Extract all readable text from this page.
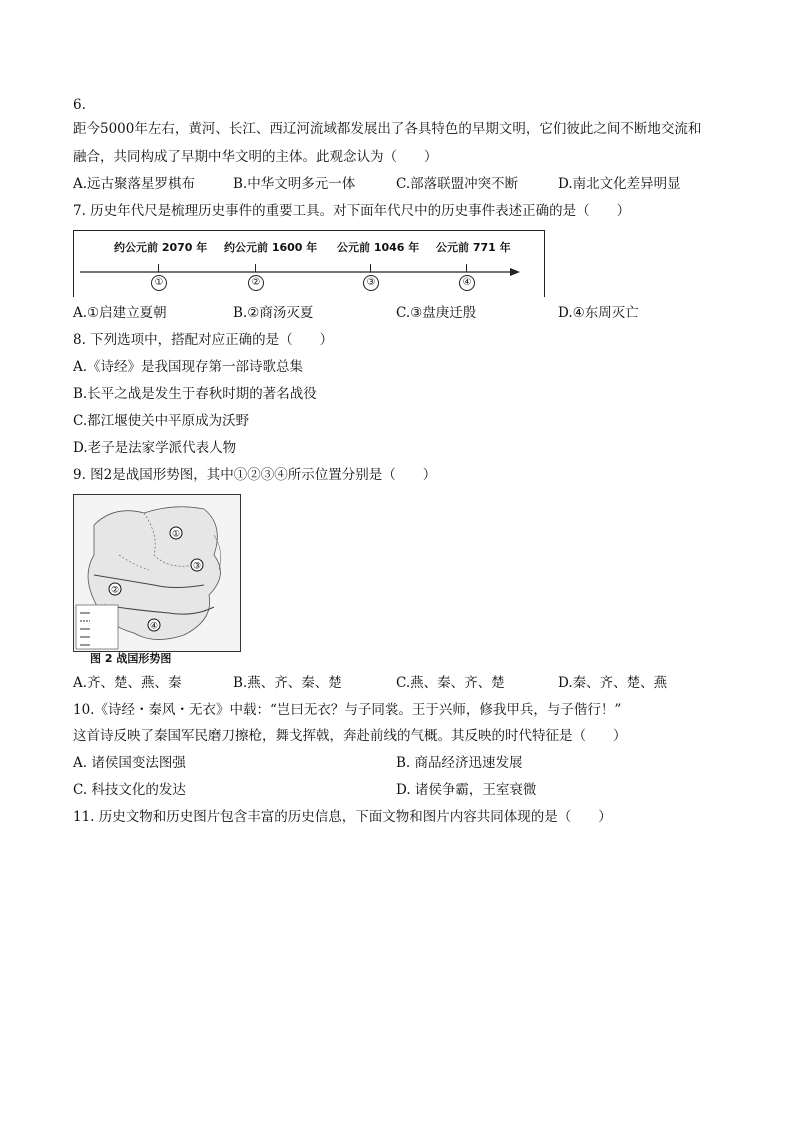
6.
距今5000年左右，黄河、长江、西辽河流域都发展出了各具特色的早期文明，它们彼此之间不断地交流和
融合，共同构成了早期中华文明的主体。此观念认为（　　）
A.远古聚落星罗棋布	B.中华文明多元一体	C.部落联盟冲突不断	D.南北文化差异明显
7. 历史年代尺是梳理历史事件的重要工具。对下面年代尺中的历史事件表述正确的是（　　）
约公元前 2070 年 约公元前 1600 年 公元前 1046 年 公元前 771 年
①	②	③	④
A.①启建立夏朝	B.②商汤灭夏	C.③盘庚迁殷	D.④东周灭亡
8. 下列选项中，搭配对应正确的是（　　）
A.《诗经》是我国现存第一部诗歌总集
B.长平之战是发生于春秋时期的著名战役
C.都江堰使关中平原成为沃野
D.老子是法家学派代表人物
9. 图2是战国形势图，其中①②③④所示位置分别是（　　）
①
②
③
④
图 2 战国形势图
A.齐、楚、燕、秦	B.燕、齐、秦、楚	C.燕、秦、齐、楚	D.秦、齐、楚、燕
10.《诗经・秦风・无衣》中载：“岂曰无衣？与子同裳。王于兴师，修我甲兵，与子偕行！”
这首诗反映了秦国军民磨刀擦枪，舞戈挥戟，奔赴前线的气概。其反映的时代特征是（　　）
A. 诸侯国变法图强	B. 商品经济迅速发展
C. 科技文化的发达	D. 诸侯争霸，王室衰微
11. 历史文物和历史图片包含丰富的历史信息，下面文物和图片内容共同体现的是（　　）
